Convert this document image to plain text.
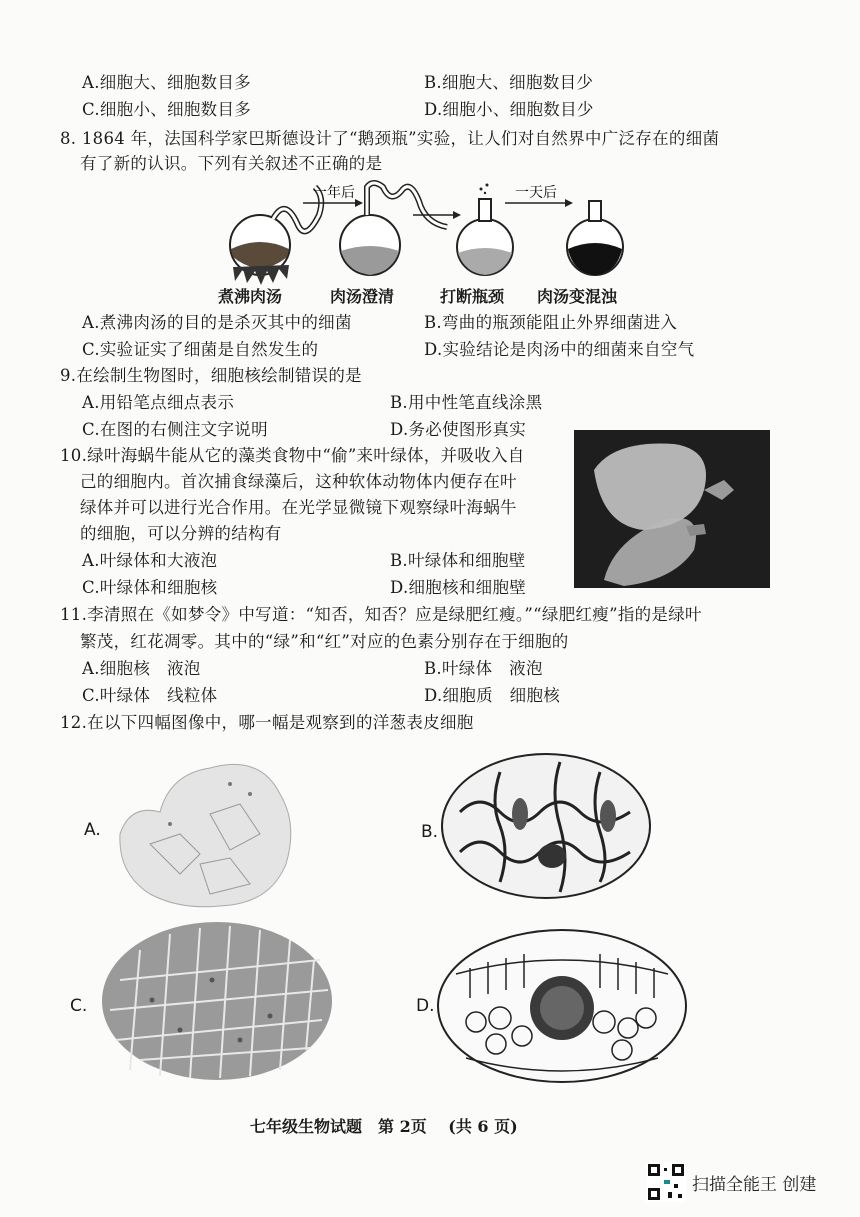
A.细胞大、细胞数目多	B.细胞大、细胞数目少
C.细胞小、细胞数目多	D.细胞小、细胞数目少
8. 1864 年，法国科学家巴斯德设计了“鹅颈瓶”实验，让人们对自然界中广泛存在的细菌
有了新的认识。下列有关叙述不正确的是
一年后	一天后
煮沸肉汤	肉汤澄清	打断瓶颈 肉汤变混浊
A.煮沸肉汤的目的是杀灭其中的细菌	B.弯曲的瓶颈能阻止外界细菌进入
C.实验证实了细菌是自然发生的	D.实验结论是肉汤中的细菌来自空气
9.在绘制生物图时，细胞核绘制错误的是
A.用铅笔点细点表示	B.用中性笔直线涂黑
C.在图的右侧注文字说明	D.务必使图形真实
10.绿叶海蜗牛能从它的藻类食物中“偷”来叶绿体，并吸收入自
己的细胞内。首次捕食绿藻后，这种软体动物体内便存在叶
绿体并可以进行光合作用。在光学显微镜下观察绿叶海蜗牛
的细胞，可以分辨的结构有
A.叶绿体和大液泡	B.叶绿体和细胞壁
C.叶绿体和细胞核	D.细胞核和细胞壁
11.李清照在《如梦令》中写道：“知否，知否？应是绿肥红瘦。”“绿肥红瘦”指的是绿叶
繁茂，红花凋零。其中的“绿”和“红”对应的色素分别存在于细胞的
A.细胞核　液泡	B.叶绿体　液泡
C.叶绿体　线粒体	D.细胞质　细胞核
12.在以下四幅图像中，哪一幅是观察到的洋葱表皮细胞
A.	B.
C.	D.
七年级生物试题　第 2页　 (共 6 页)
扫描全能王 创建
